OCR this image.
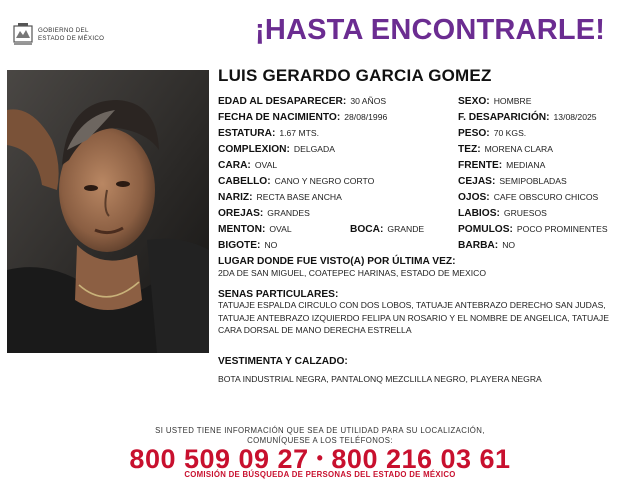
GOBIERNO DEL
ESTADO DE MÉXICO	¡HASTA ENCONTRARLE!
LUIS GERARDO GARCIA GOMEZ
EDAD AL DESAPARECER: 30 AÑOS
FECHA DE NACIMIENTO: 28/08/1996
ESTATURA: 1.67 MTS.
COMPLEXION: DELGADA
CARA: OVAL
CABELLO: CANO Y NEGRO CORTO
NARIZ: RECTA BASE ANCHA
OREJAS: GRANDES
MENTON: OVAL
BIGOTE: NO
BOCA: GRANDE
SEXO: HOMBRE
F. DESAPARICIÓN: 13/08/2025
PESO: 70 KGS.
TEZ: MORENA CLARA
FRENTE: MEDIANA
CEJAS: SEMIPOBLADAS
OJOS: CAFE OBSCURO CHICOS
LABIOS: GRUESOS
POMULOS: POCO PROMINENTES
BARBA: NO
LUGAR DONDE FUE VISTO(A) POR ÚLTIMA VEZ:
2DA DE SAN MIGUEL, COATEPEC HARINAS, ESTADO DE MEXICO
SENAS PARTICULARES:
TATUAJE ESPALDA CIRCULO CON DOS LOBOS, TATUAJE ANTEBRAZO DERECHO SAN JUDAS, TATUAJE ANTEBRAZO IZQUIERDO FELIPA UN ROSARIO Y EL NOMBRE DE ANGELICA, TATUAJE CARA DORSAL DE MANO DERECHA ESTRELLA
VESTIMENTA Y CALZADO:
BOTA INDUSTRIAL NEGRA, PANTALONQ MEZCLILLA NEGRO, PLAYERA NEGRA
SI USTED TIENE INFORMACIÓN QUE SEA DE UTILIDAD PARA SU LOCALIZACIÓN,
COMUNÍQUESE A LOS TELÉFONOS:
800 509 09 27 • 800 216 03 61
COMISIÓN DE BÚSQUEDA DE PERSONAS DEL ESTADO DE MÉXICO
